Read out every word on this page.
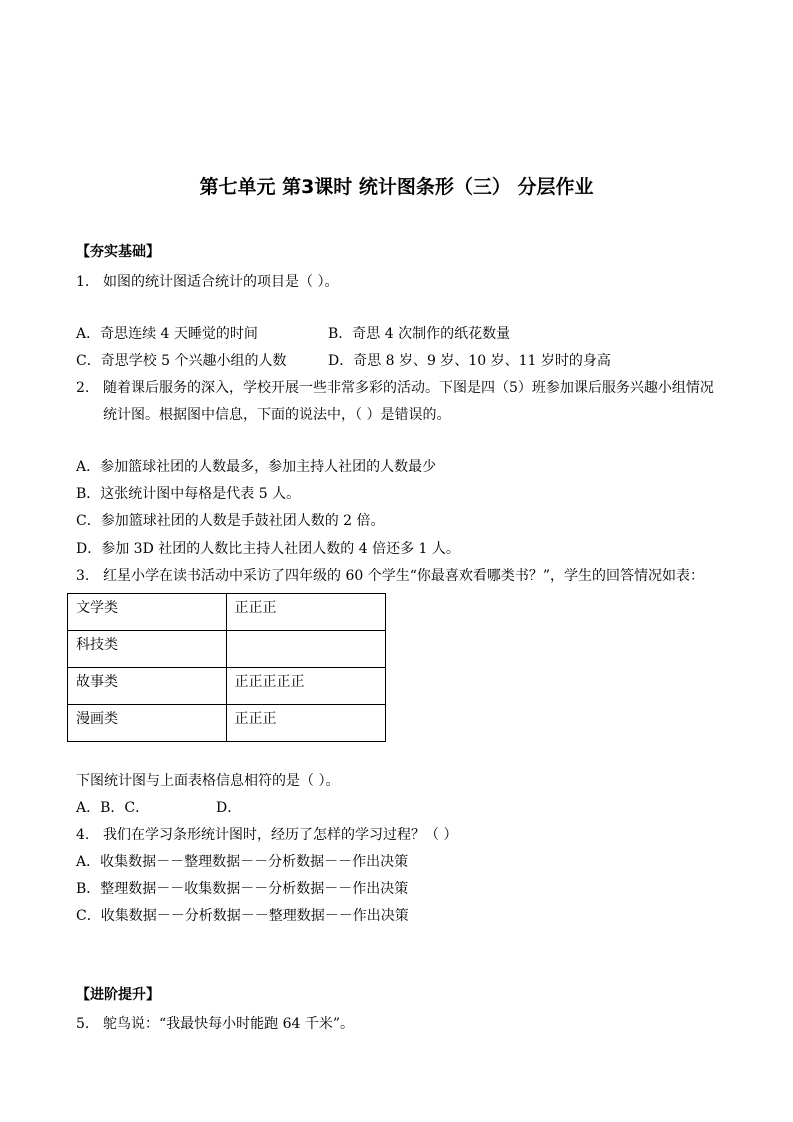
第七单元 第3课时 统计图条形（三） 分层作业
【夯实基础】
1. 如图的统计图适合统计的项目是（ ）。
A．奇思连续 4 天睡觉的时间	B．奇思 4 次制作的纸花数量
C．奇思学校 5 个兴趣小组的人数	D．奇思 8 岁、9 岁、10 岁、11 岁时的身高
2. 随着课后服务的深入，学校开展一些非常多彩的活动。下图是四（5）班参加课后服务兴趣小组情况
统计图。根据图中信息，下面的说法中，（ ）是错误的。
A．参加篮球社团的人数最多，参加主持人社团的人数最少
B．这张统计图中每格是代表 5 人。
C．参加篮球社团的人数是手鼓社团人数的 2 倍。
D．参加 3D 社团的人数比主持人社团人数的 4 倍还多 1 人。
3. 红星小学在读书活动中采访了四年级的 60 个学生“你最喜欢看哪类书？”，学生的回答情况如表：
文学类	正正正
科技类	
故事类	正正正正正
漫画类	正正正
下图统计图与上面表格信息相符的是（ ）。
A．B．C．	D．
4. 我们在学习条形统计图时，经历了怎样的学习过程？（ ）
A．收集数据－－整理数据－－分析数据－－作出决策
B．整理数据－－收集数据－－分析数据－－作出决策
C．收集数据－－分析数据－－整理数据－－作出决策
【进阶提升】
5. 鸵鸟说：“我最快每小时能跑 64 千米”。
